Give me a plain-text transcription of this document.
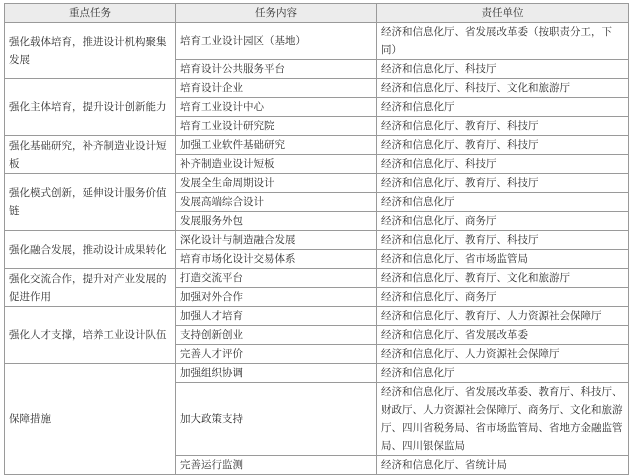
重点任务	任务内容	责任单位
强化载体培育，推进设计机构聚集发展	培育工业设计园区（基地）	经济和信息化厅、省发展改革委（按职责分工，下同）
	培育设计公共服务平台	经济和信息化厅、科技厅
强化主体培育，提升设计创新能力	培育设计企业	经济和信息化厅、科技厅、文化和旅游厅
	培育工业设计中心	经济和信息化厅
	培育工业设计研究院	经济和信息化厅、教育厅、科技厅
强化基础研究，补齐制造业设计短板	加强工业软件基础研究	经济和信息化厅、教育厅、科技厅
	补齐制造业设计短板	经济和信息化厅、科技厅
强化模式创新，延伸设计服务价值链	发展全生命周期设计	经济和信息化厅、教育厅、科技厅
	发展高端综合设计	经济和信息化厅
	发展服务外包	经济和信息化厅、商务厅
强化融合发展，推动设计成果转化	深化设计与制造融合发展	经济和信息化厅、教育厅、科技厅
	培育市场化设计交易体系	经济和信息化厅、省市场监管局
强化交流合作，提升对产业发展的促进作用	打造交流平台	经济和信息化厅、教育厅、文化和旅游厅
	加强对外合作	经济和信息化厅、商务厅
强化人才支撑，培养工业设计队伍	加强人才培育	经济和信息化厅、教育厅、人力资源社会保障厅
	支持创新创业	经济和信息化厅、省发展改革委
	完善人才评价	经济和信息化厅、人力资源社会保障厅
保障措施	加强组织协调	经济和信息化厅
	加大政策支持	经济和信息化厅、省发展改革委、教育厅、科技厅、财政厅、人力资源社会保障厅、商务厅、文化和旅游厅、四川省税务局、省市场监管局、省地方金融监管局、四川银保监局
	完善运行监测	经济和信息化厅、省统计局
